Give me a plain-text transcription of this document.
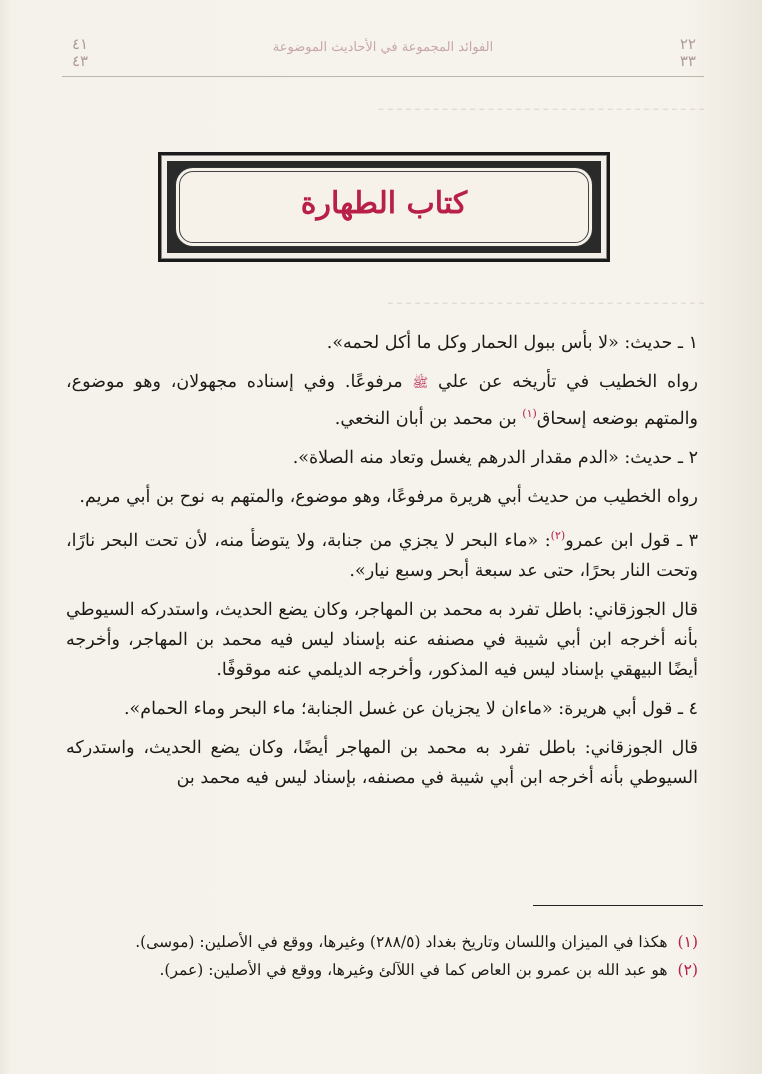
ـ ـ ـ ـ ـ ـ ـ ـ ـ ـ ـ ـ ـ ـ ـ ـ ـ ـ ـ ـ ـ ـ ـ ـ ـ ـ ـ ـ ـ ـ ـ ـ ـ ـ ـ ـ
ـ ـ ـ ـ ـ ـ ـ ـ ـ ـ ـ ـ ـ ـ ـ ـ ـ ـ ـ ـ ـ ـ ـ ـ ـ ـ ـ ـ ـ ـ ـ ـ ـ ـ ـ
٤١
٤٣
الفوائد المجموعة في الأحاديث الموضوعة	٢٢
٣٣
كتاب الطهارة

١ ـ حديث: «لا بأس ببول الحمار وكل ما أكل لحمه».

رواه الخطيب في تأريخه عن علي ﷺ مرفوعًا. وفي إسناده مجهولان، وهو موضوع، والمتهم بوضعه إسحاق$^{(١)}$ بن محمد بن أبان النخعي.

٢ ـ حديث: «الدم مقدار الدرهم يغسل وتعاد منه الصلاة».

رواه الخطيب من حديث أبي هريرة مرفوعًا، وهو موضوع، والمتهم به نوح بن أبي مريم.

٣ ـ قول ابن عمرو$^{(٢)}$: «ماء البحر لا يجزي من جنابة، ولا يتوضأ منه، لأن تحت البحر نارًا، وتحت النار بحرًا، حتى عد سبعة أبحر وسبع نيار».

قال الجوزقاني: باطل تفرد به محمد بن المهاجر، وكان يضع الحديث، واستدركه السيوطي بأنه أخرجه ابن أبي شيبة في مصنفه عنه بإسناد ليس فيه محمد بن المهاجر، وأخرجه أيضًا البيهقي بإسناد ليس فيه المذكور، وأخرجه الديلمي عنه موقوفًا.

٤ ـ قول أبي هريرة: «ماءان لا يجزيان عن غسل الجنابة؛ ماء البحر وماء الحمام».

قال الجوزقاني: باطل تفرد به محمد بن المهاجر أيضًا، وكان يضع الحديث، واستدركه السيوطي بأنه أخرجه ابن أبي شيبة في مصنفه، بإسناد ليس فيه محمد بن

(١)
هكذا في الميزان واللسان وتاريخ بغداد (٢٨٨/٥) وغيرها، ووقع في الأصلين: (موسى).
(٢)
هو عبد الله بن عمرو بن العاص كما في اللآلئ وغيرها، ووقع في الأصلين: (عمر).
